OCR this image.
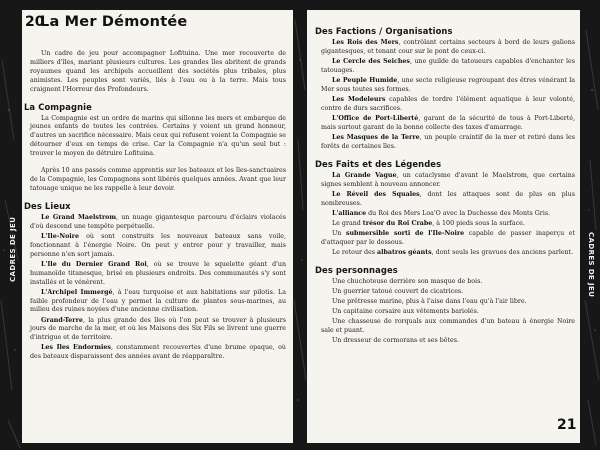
20
La Mer Démontée

Un cadre de jeu pour accompagner Lofituina. Une mer recouverte de milliers d'îles, mariant plusieurs cultures. Les grandes îles abritent de grands royaumes quand les archipels accueillent des sociétés plus tribales, plus animistes. Les peuples sont variés, liés à l'eau ou à la terre. Mais tous craignent l'Horreur des Profondeurs.

La Compagnie

La Compagnie est un ordre de marins qui sillonne les mers et embarque de jeunes enfants de toutes les contrées. Certains y voient un grand honneur, d'autres un sacrifice nécessaire. Mais ceux qui refusent voient la Compagnie se détourner d'eux en temps de crise. Car la Compagnie n'a qu'un seul but : trouver le moyen de détruire Lofituina.

Après 10 ans passés comme apprentis sur les bateaux et les îles-sanctuaires de la Compagnie, les Compagnons sont libérés quelques années. Avant que leur tatouage unique ne les rappelle à leur devoir.

Des Lieux

Le Grand Maelstrom, un nuage gigantesque parcouru d'éclairs violacés d'où descend une tempête perpétuelle.

L'Ile-Noire où sont construits les nouveaux bateaux sans voile, fonctionnant à l'énergie Noire. On peut y entrer pour y travailler, mais personne n'en sort jamais.

L'Ile du Dernier Grand Roi, où se trouve le squelette géant d'un humanoïde titanesque, brisé en plusieurs endroits. Des communautés s'y sont installés et le vénèrent.

L'Archipel Immergé, à l'eau turquoise et aux habitations sur pilotis. La faible profondeur de l'eau y permet la culture de plantes sous-marines, au milieu des ruines noyées d'une ancienne civilisation.

Grand-Terre, la plus grande des îles où l'on peut se trouver à plusieurs jours de marche de la mer, et où les Maisons des Six Fils se livrent une guerre d'intrigue et de territoire.

Les Iles Endormies, constamment recouvertes d'une brume opaque, où des bateaux disparaissent des années avant de réapparaître.

Des Factions / Organisations

Les Rois des Mers, contrôlant certains secteurs à bord de leurs galions gigantesques, et tenant cour sur le pont de ceux-ci.

Le Cercle des Seiches, une guilde de tatoueurs capables d'enchanter les tatouages.

Le Peuple Humide, une secte religieuse regroupant des êtres vénérant la Mer sous toutes ses formes.

Les Modeleurs capables de tordre l'élément aquatique à leur volonté, contre de durs sacrifices.

L'Office de Port-Liberté, garant de la sécurité de tous à Port-Liberté, mais surtout garant de la bonne collecte des taxes d'amarrage.

Les Masques de la Terre, un peuple craintif de la mer et retiré dans les forêts de certaines îles.

Des Faits et des Légendes

La Grande Vague, un cataclysme d'avant le Maelstrom, que certains signes semblent à nouveau annoncer.

Le Réveil des Squales, dont les attaques sont de plus en plus nombreuses.

L'alliance du Roi des Mers Loa'O avec la Duchesse des Monts Gris.

Le grand trésor du Roi Crabe, à 100 pieds sous la surface.

Un submersible sorti de l'Ile-Noire capable de passer inaperçu et d'attaquer par le dessous.

Le retour des albatros géants, dont seuls les gravues des anciens parlent.

Des personnages

Une chuchoteuse derrière son masque de bois.

Un guerrier tatoué couvert de cicatrices.

Une prêtresse marine, plus à l'aise dans l'eau qu'à l'air libre.

Un capitaine corsaire aux vêtements bariolés.

Une chasseuse de rorquals aux commandes d'un bateau à énergie Noire sale et puant.

Un dresseur de cormorans et ses bêtes.

21
CADRES DE JEU	CADRES DE JEU
